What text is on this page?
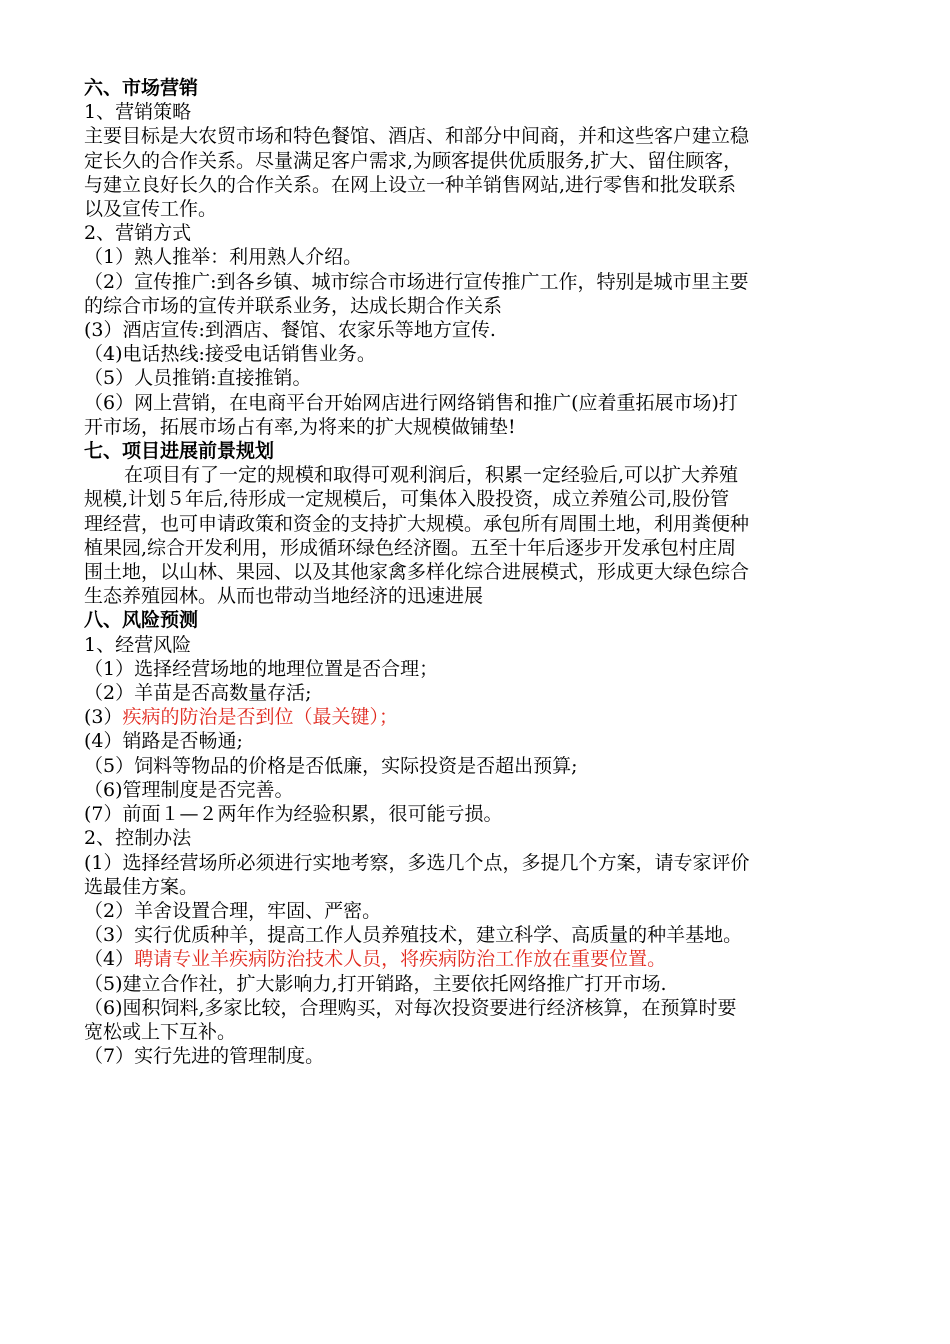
六、市场营销
1、营销策略
主要目标是大农贸市场和特色餐馆、酒店、和部分中间商，并和这些客户建立稳
定长久的合作关系。尽量满足客户需求,为顾客提供优质服务,扩大、留住顾客，
与建立良好长久的合作关系。在网上设立一种羊销售网站,进行零售和批发联系
以及宣传工作。
2、营销方式
（1）熟人推举：利用熟人介绍。
（2）宣传推广:到各乡镇、城市综合市场进行宣传推广工作，特别是城市里主要
的综合市场的宣传并联系业务，达成长期合作关系
(3）酒店宣传:到酒店、餐馆、农家乐等地方宣传.
（4)电话热线:接受电话销售业务。
（5）人员推销:直接推销。
（6）网上营销，在电商平台开始网店进行网络销售和推广(应着重拓展市场)打
开市场，拓展市场占有率,为将来的扩大规模做铺垫!
七、项目进展前景规划
在项目有了一定的规模和取得可观利润后，积累一定经验后,可以扩大养殖
规模,计划５年后,待形成一定规模后，可集体入股投资，成立养殖公司,股份管
理经营，也可申请政策和资金的支持扩大规模。承包所有周围土地，利用粪便种
植果园,综合开发利用，形成循环绿色经济圈。五至十年后逐步开发承包村庄周
围土地，以山林、果园、以及其他家禽多样化综合进展模式，形成更大绿色综合
生态养殖园林。从而也带动当地经济的迅速进展
八、风险预测
1、经营风险
（1）选择经营场地的地理位置是否合理；
（2）羊苗是否高数量存活;
(3）疾病的防治是否到位（最关键）；
(4）销路是否畅通;
（5）饲料等物品的价格是否低廉，实际投资是否超出预算;
（6)管理制度是否完善。
(7）前面１—２两年作为经验积累，很可能亏损。
2、控制办法
(1）选择经营场所必须进行实地考察，多选几个点，多提几个方案，请专家评价
选最佳方案。
（2）羊舍设置合理，牢固、严密。
（3）实行优质种羊，提高工作人员养殖技术，建立科学、高质量的种羊基地。
（4）聘请专业羊疾病防治技术人员，将疾病防治工作放在重要位置。
（5)建立合作社，扩大影响力,打开销路，主要依托网络推广打开市场.
（6)囤积饲料,多家比较，合理购买，对每次投资要进行经济核算，在预算时要
宽松或上下互补。
（7）实行先进的管理制度。
